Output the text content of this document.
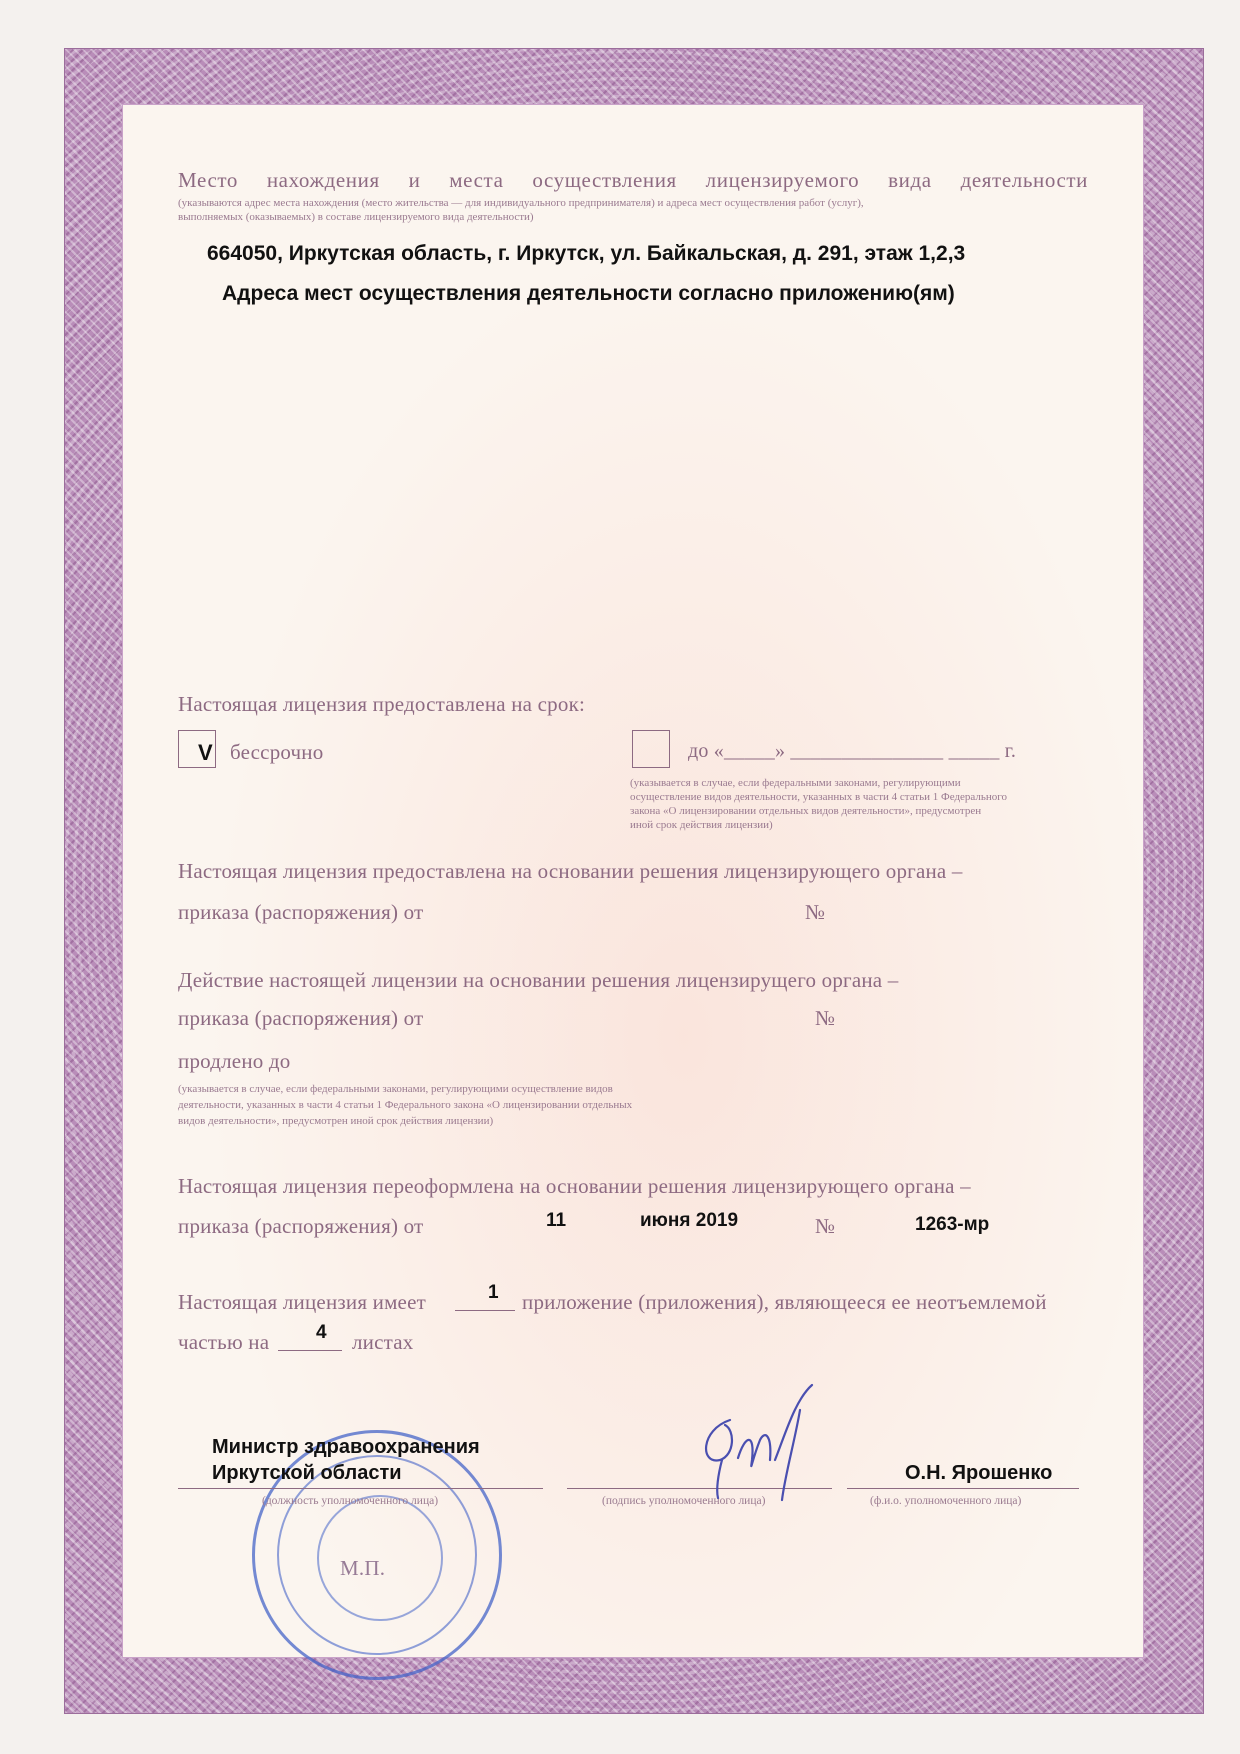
Место нахождения и места осуществления лицензируемого вида деятельности
(указываются адрес места нахождения (место жительства — для индивидуального предпринимателя) и адреса мест осуществления работ (услуг),
выполняемых (оказываемых) в составе лицензируемого вида деятельности)
664050, Иркутская область, г. Иркутск, ул. Байкальская, д. 291, этаж 1,2,3
Адреса мест осуществления деятельности согласно приложению(ям)
Настоящая лицензия предоставлена на срок:
V бессрочно	до «_____» _______________ _____ г.
(указывается в случае, если федеральными законами, регулирующими
осуществление видов деятельности, указанных в части 4 статьи 1 Федерального
закона «О лицензировании отдельных видов деятельности», предусмотрен
иной срок действия лицензии)
Настоящая лицензия предоставлена на основании решения лицензирующего органа –
приказа (распоряжения) от	№
Действие настоящей лицензии на основании решения лицензирущего органа –
приказа (распоряжения) от	№
продлено до
(указывается в случае, если федеральными законами, регулирующими осуществление видов
деятельности, указанных в части 4 статьи 1 Федерального закона «О лицензировании отдельных
видов деятельности», предусмотрен иной срок действия лицензии)
Настоящая лицензия переоформлена на основании решения лицензирующего органа –
приказа (распоряжения) от	11	июня 2019	№	1263-мр
Настоящая лицензия имеет	1 приложение (приложения), являющееся ее неотъемлемой
частью на 4 листах
Министр здравоохранения
Иркутской области
(должность уполномоченного лица)	(подпись уполномоченного лица)
О.Н. Ярошенко
(ф.и.о. уполномоченного лица)
М.П.
